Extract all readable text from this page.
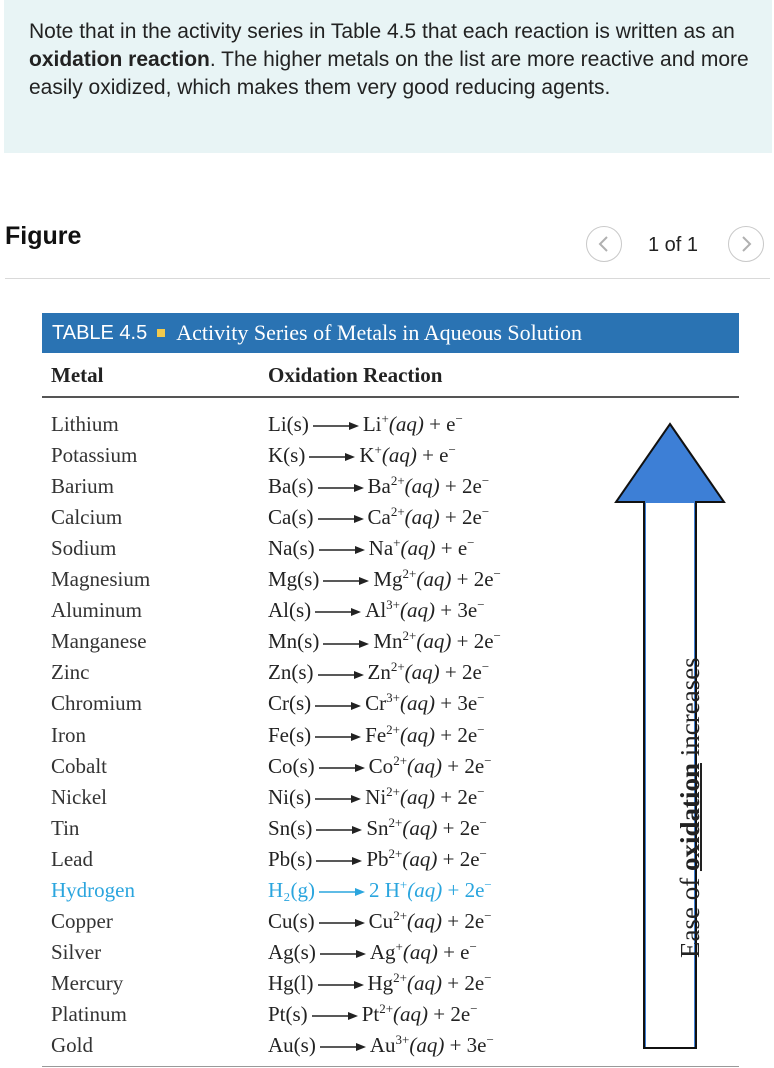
Note that in the activity series in Table 4.5 that each reaction is written as an oxidation reaction. The higher metals on the list are more reactive and more easily oxidized, which makes them very good reducing agents.
Figure	1 of 1
TABLE 4.5 Activity Series of Metals in Aqueous Solution
Metal	Oxidation Reaction
Lithium	Li(s) → Li+(aq) + e−
Potassium	K(s) → K+(aq) + e−
Barium	$Ba(s) \to Ba^{2+}(aq) + 2e^-$
Calcium	$Ca(s) \to Ca^{2+}(aq) + 2e^-$
Sodium	Na(s) → Na+(aq) + e−
Magnesium	$Mg(s) \to Mg^{2+}(aq) + 2e^-$
Aluminum	$Al(s) \to Al^{3+}(aq) + 3e^-$
Manganese	$Mn(s) \to Mn^{2+}(aq) + 2e^-$
Zinc	$Zn(s) \to Zn^{2+}(aq) + 2e^-$
Chromium	$Cr(s) \to Cr^{3+}(aq) + 3e^-$
Iron	$Fe(s) \to Fe^{2+}(aq) + 2e^-$
Cobalt	$Co(s) \to Co^{2+}(aq) + 2e^-$
Nickel	$Ni(s) \to Ni^{2+}(aq) + 2e^-$
Tin	$Sn(s) \to Sn^{2+}(aq) + 2e^-$
Lead	$Pb(s) \to Pb^{2+}(aq) + 2e^-$
Hydrogen	H₂(g) → 2 H+(aq) + 2e−
Copper	$Cu(s) \to Cu^{2+}(aq) + 2e^-$
Silver	Ag(s) → Ag+(aq) + e−
Mercury	$Hg(l) \to Hg^{2+}(aq) + 2e^-$
Platinum	$Pt(s) \to Pt^{2+}(aq) + 2e^-$
Gold	$Au(s) \to Au^{3+}(aq) + 3e^-$
Ease of oxidation increases
